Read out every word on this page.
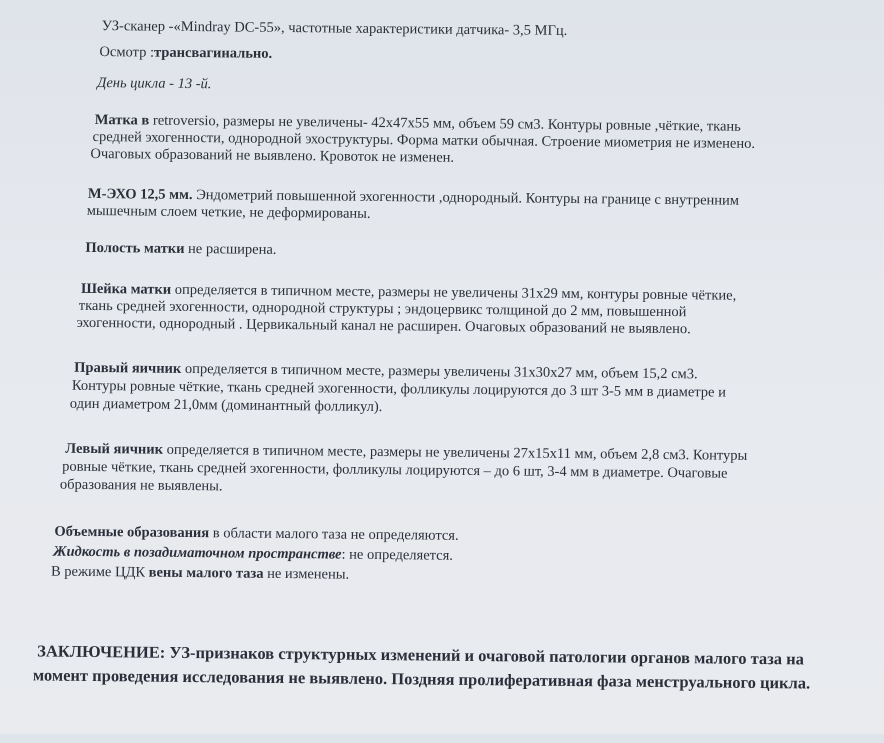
УЗ-сканер -«Mindray DC-55», частотные характеристики датчика- 3,5 МГц.
Осмотр :трансвагинально.
День цикла - 13 -й.
Матка в retroversio, размеры не увеличены- 42х47х55 мм, объем 59 см3. Контуры ровные ,чёткие, ткань
средней эхогенности, однородной эхоструктуры. Форма матки обычная. Строение миометрия не изменено.
Очаговых образований не выявлено. Кровоток не изменен.
М-ЭХО 12,5 мм. Эндометрий повышенной эхогенности ,однородный. Контуры на границе с внутренним
мышечным слоем четкие, не деформированы.
Полость матки не расширена.
Шейка матки определяется в типичном месте, размеры не увеличены 31х29 мм, контуры ровные чёткие,
ткань средней эхогенности, однородной структуры ; эндоцервикс толщиной до 2 мм, повышенной
эхогенности, однородный . Цервикальный канал не расширен. Очаговых образований не выявлено.
Правый яичник определяется в типичном месте, размеры увеличены 31х30х27 мм, объем 15,2 см3.
Контуры ровные чёткие, ткань средней эхогенности, фолликулы лоцируются до 3 шт 3-5 мм в диаметре и
один диаметром 21,0мм (доминантный фолликул).
Левый яичник определяется в типичном месте, размеры не увеличены 27х15х11 мм, объем 2,8 см3. Контуры
ровные чёткие, ткань средней эхогенности, фолликулы лоцируются – до 6 шт, 3-4 мм в диаметре. Очаговые
образования не выявлены.
Объемные образования в области малого таза не определяются.
Жидкость в позадиматочном пространстве: не определяется.
В режиме ЦДК вены малого таза не изменены.
ЗАКЛЮЧЕНИЕ: УЗ-признаков структурных изменений и очаговой патологии органов малого таза на
момент проведения исследования не выявлено. Поздняя пролиферативная фаза менструального цикла.
